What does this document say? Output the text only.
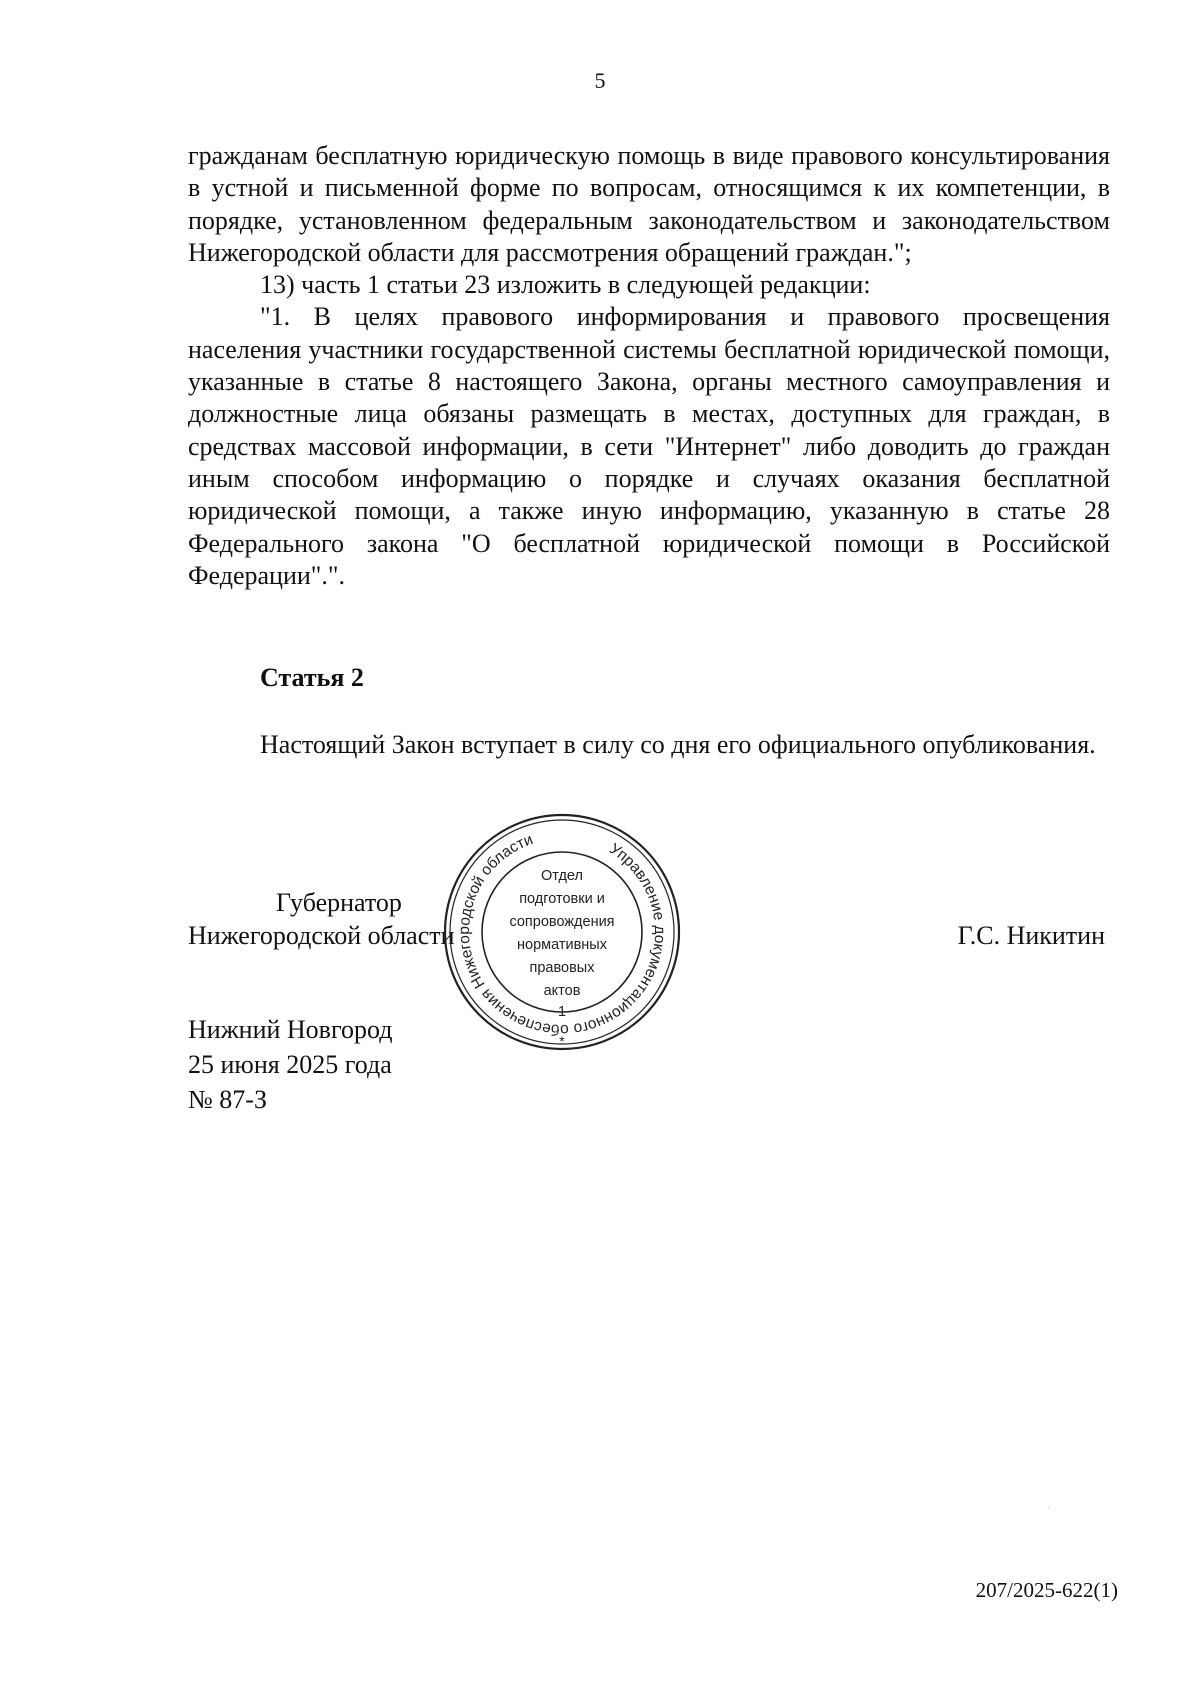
5

гражданам бесплатную юридическую помощь в виде правового консультирования в устной и письменной форме по вопросам, относящимся к их компетенции, в порядке, установленном федеральным законодательством и законодательством Нижегородской области для рассмотрения обращений граждан.";

13) часть 1 статьи 23 изложить в следующей редакции:

"1. В целях правового информирования и правового просвещения населения участники государственной системы бесплатной юридической помощи, указанные в статье 8 настоящего Закона, органы местного самоуправления и должностные лица обязаны размещать в местах, доступных для граждан, в средствах массовой информации, в сети "Интернет" либо доводить до граждан иным способом информацию о порядке и случаях оказания бесплатной юридической помощи, а также иную информацию, указанную в статье 28 Федерального закона "О бесплатной юридической помощи в Российской Федерации".".

Статья 2

Настоящий Закон вступает в силу со дня его официального опубликования.

Губернатор
Нижегородской области	Г.С. Никитин
Нижний Новгород
25 июня 2025 года
№ 87-З
Управление документационного обеспечения Нижегородской области
Отдел
подготовки и
сопровождения
нормативных
правовых
актов
1
*
207/2025-622(1)
